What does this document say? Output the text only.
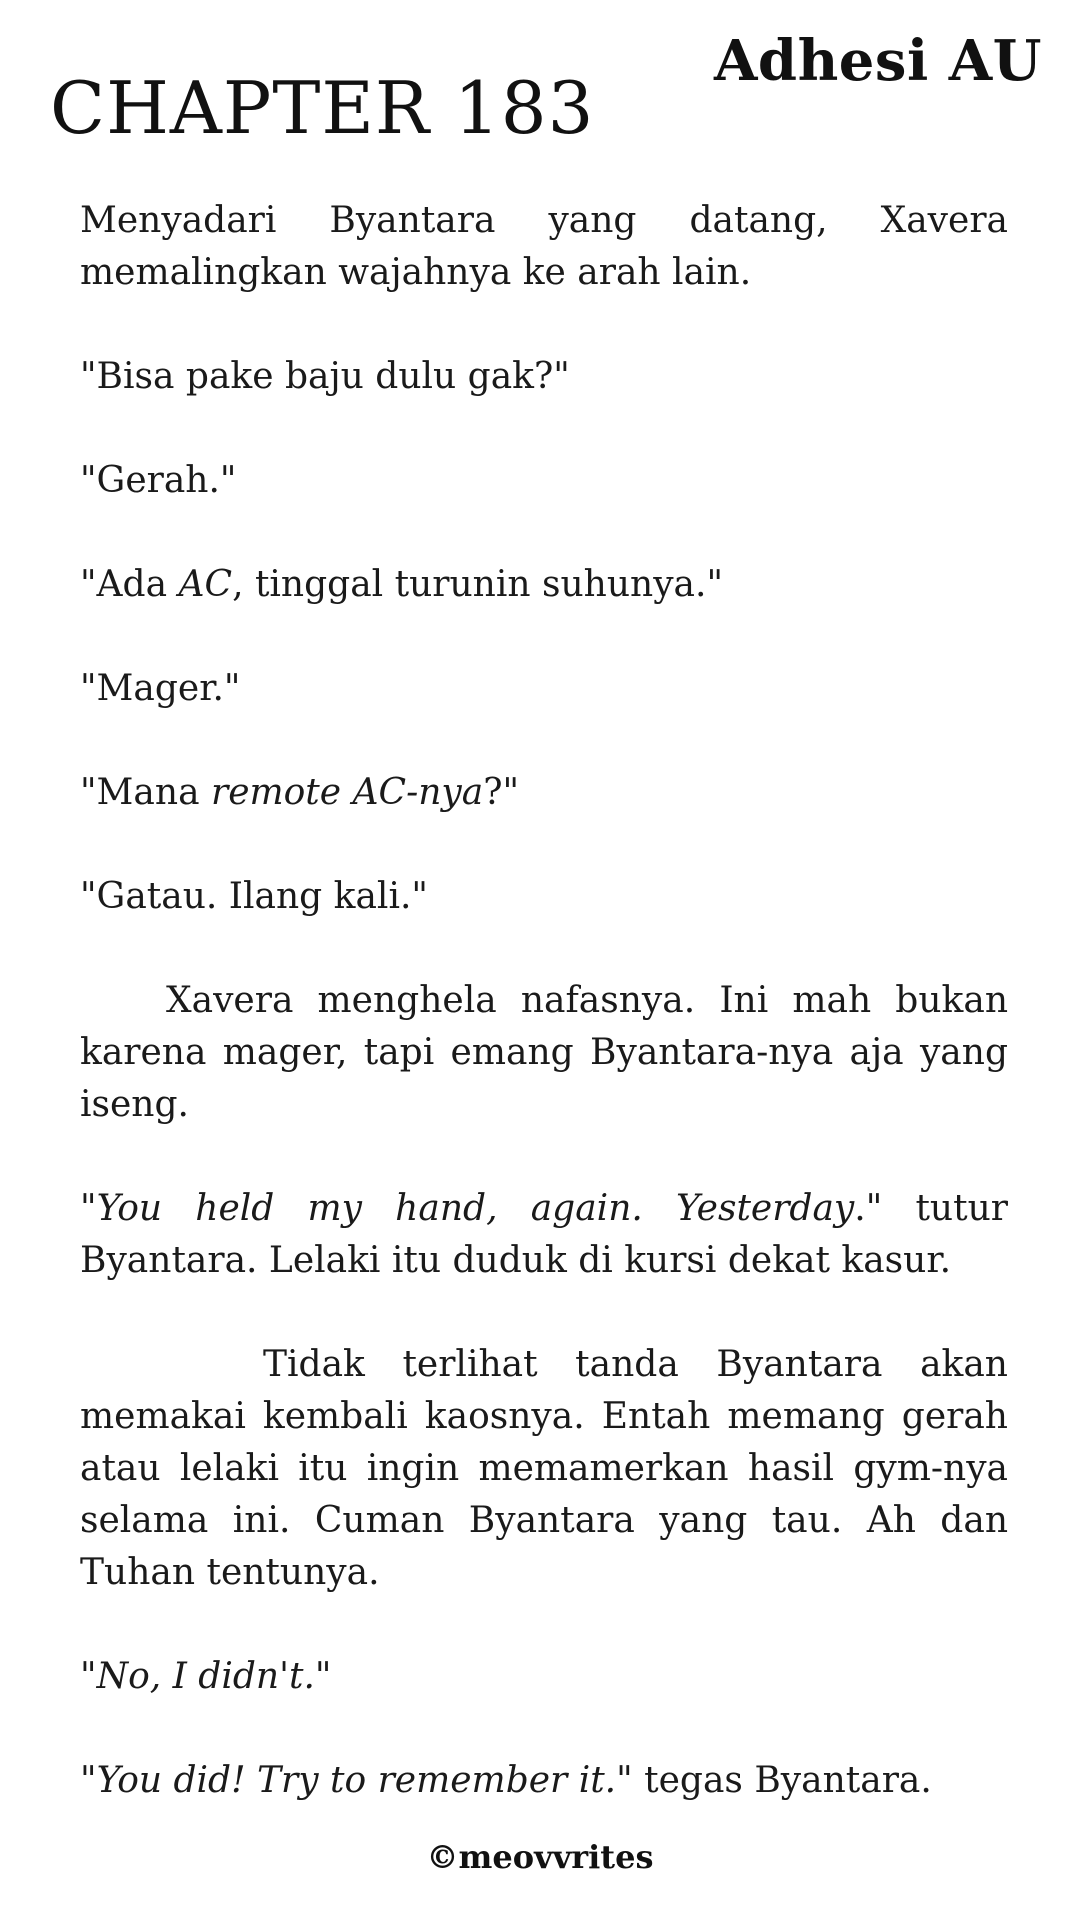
Adhesi AU
CHAPTER 183

Menyadari Byantara yang datang, Xavera memalingkan wajahnya ke arah lain.

"Bisa pake baju dulu gak?"

"Gerah."

"Ada AC, tinggal turunin suhunya."

"Mager."

"Mana remote AC-nya?"

"Gatau. Ilang kali."

Xavera menghela nafasnya. Ini mah bukan karena mager, tapi emang Byantara-nya aja yang iseng.

"You held my hand, again. Yesterday." tutur Byantara. Lelaki itu duduk di kursi dekat kasur.

Tidak terlihat tanda Byantara akan memakai kembali kaosnya. Entah memang gerah atau lelaki itu ingin memamerkan hasil gym-nya selama ini. Cuman Byantara yang tau. Ah dan Tuhan tentunya.

"No, I didn't."

"You did! Try to remember it." tegas Byantara.

©meovvrites
